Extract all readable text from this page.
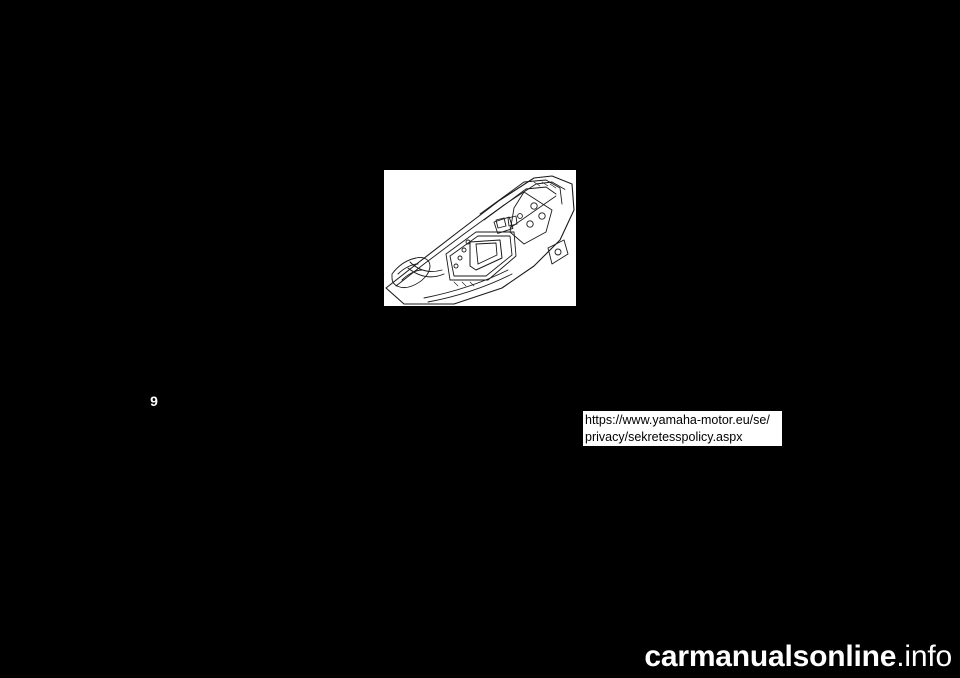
9
1
https://www.yamaha-motor.eu/se/
privacy/sekretesspolicy.aspx
carmanualsonline.info
